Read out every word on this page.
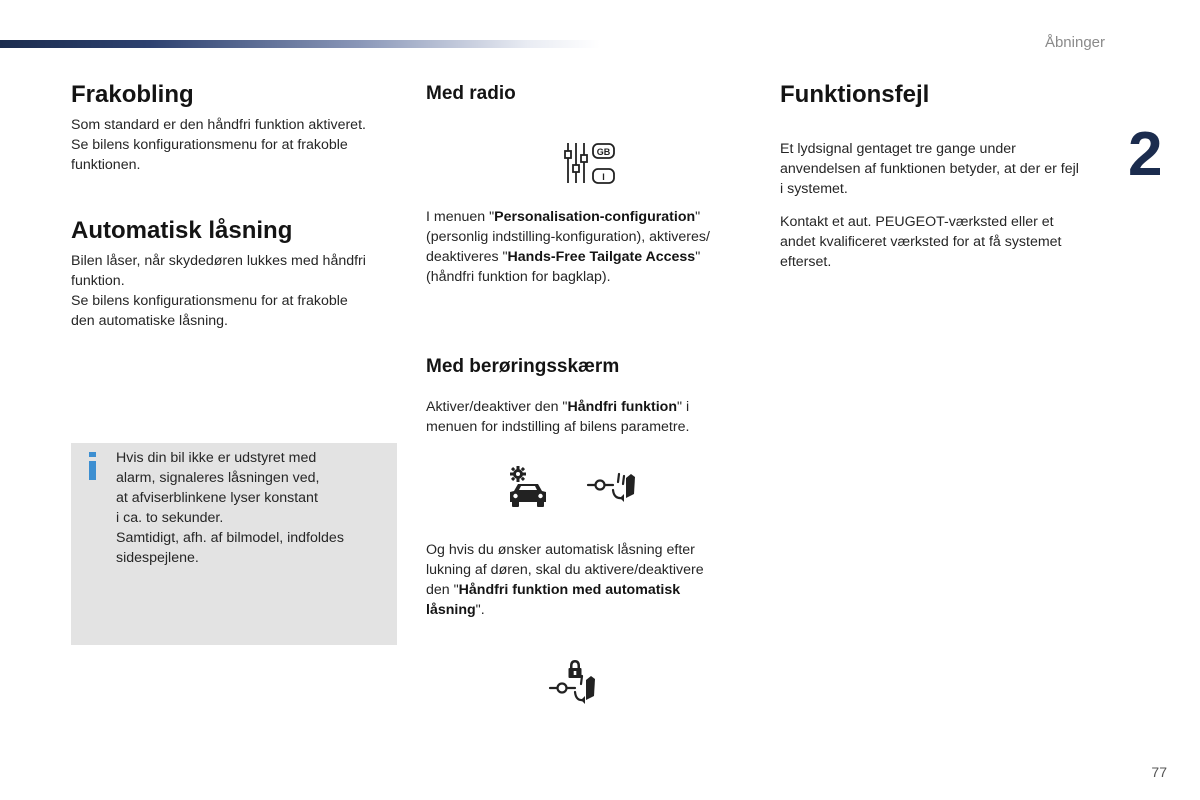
Åbninger
2
Frakobling
Som standard er den håndfri funktion aktiveret.
Se bilens konfigurationsmenu for at frakoble
funktionen.
Automatisk låsning
Bilen låser, når skydedøren lukkes med håndfri
funktion.
Se bilens konfigurationsmenu for at frakoble
den automatiske låsning.
Hvis din bil ikke er udstyret med
alarm, signaleres låsningen ved,
at afviserblinkene lyser konstant
i ca. to sekunder.
Samtidigt, afh. af bilmodel, indfoldes
sidespejlene.
Med radio
GB
I
I menuen "Personalisation-configuration"
(personlig indstilling-konfiguration), aktiveres/
deaktiveres "Hands-Free Tailgate Access"
(håndfri funktion for bagklap).
Med berøringsskærm
Aktiver/deaktiver den "Håndfri funktion" i
menuen for indstilling af bilens parametre.
Og hvis du ønsker automatisk låsning efter
lukning af døren, skal du aktivere/deaktivere
den "Håndfri funktion med automatisk
låsning".
Funktionsfejl
Et lydsignal gentaget tre gange under
anvendelsen af funktionen betyder, at der er fejl
i systemet.
Kontakt et aut. PEUGEOT-værksted eller et
andet kvalificeret værksted for at få systemet
efterset.
77
